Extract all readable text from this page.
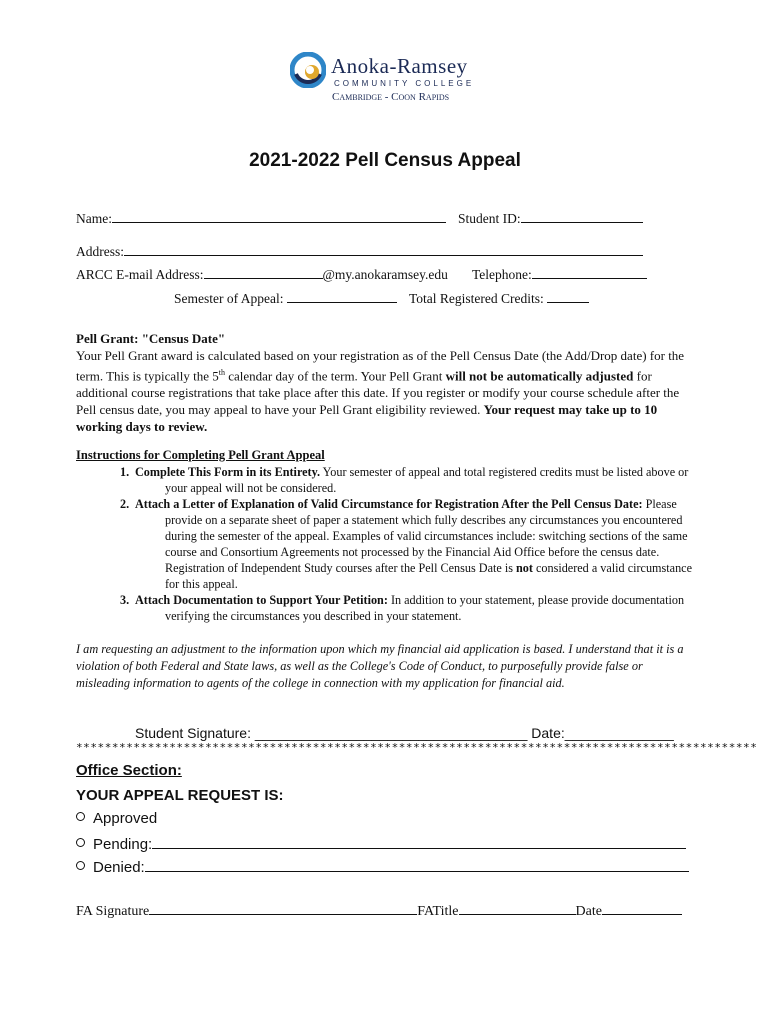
Anoka-Ramsey
COMMUNITY COLLEGE
Cambridge - Coon Rapids
2021-2022 Pell Census Appeal
Name:	Student ID:
Address:
ARCC E-mail Address:	@my.anokaramsey.edu Telephone:
Semester of Appeal:	Total Registered Credits:
Pell Grant: "Census Date"
Your Pell Grant award is calculated based on your registration as of the Pell Census Date (the Add/Drop date) for the term. This is typically the 5th calendar day of the term. Your Pell Grant will not be automatically adjusted for additional course registrations that take place after this date. If you register or modify your course schedule after the Pell census date, you may appeal to have your Pell Grant eligibility reviewed. Your request may take up to 10 working days to review.
Instructions for Completing Pell Grant Appeal
1. Complete This Form in its Entirety. Your semester of appeal and total registered credits must be listed above or your appeal will not be considered.
2. Attach a Letter of Explanation of Valid Circumstance for Registration After the Pell Census Date: Please provide on a separate sheet of paper a statement which fully describes any circumstances you encountered during the semester of the appeal. Examples of valid circumstances include: switching sections of the same course and Consortium Agreements not processed by the Financial Aid Office before the census date. Registration of Independent Study courses after the Pell Census Date is not considered a valid circumstance for this appeal.
3. Attach Documentation to Support Your Petition: In addition to your statement, please provide documentation verifying the circumstances you described in your statement.
I am requesting an adjustment to the information upon which my financial aid application is based. I understand that it is a violation of both Federal and State laws, as well as the College's Code of Conduct, to purposefully provide false or misleading information to agents of the college in connection with my application for financial aid.
Student Signature: ___________________________________ Date:______________
***********************************************************************************************
Office Section:
YOUR APPEAL REQUEST IS:
Approved
Pending:
Denied:
FA Signature	FATitle	Date
